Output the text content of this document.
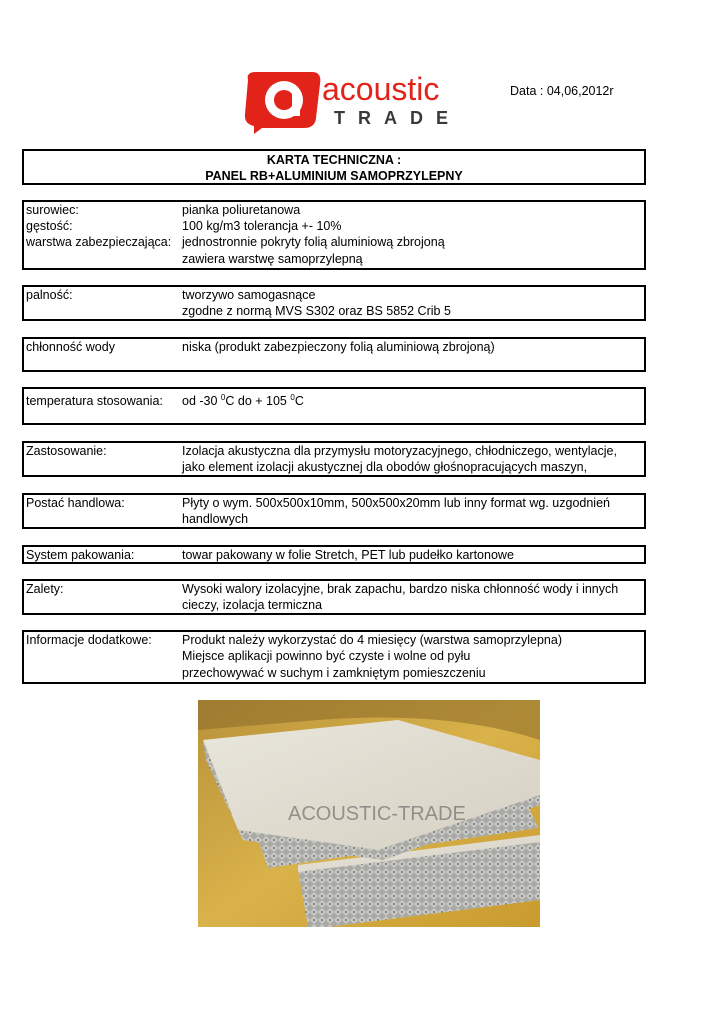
acoustic
TRADE
Data : 04,06,2012r
KARTA TECHNICZNA :
PANEL RB+ALUMINIUM SAMOPRZYLEPNY
surowiec:	pianka poliuretanowa
gęstość:	100 kg/m3 tolerancja +- 10%
warstwa zabezpieczająca: jednostronnie pokryty folią aluminiową zbrojoną
zawiera warstwę samoprzylepną
palność:	tworzywo samogasnące
zgodne z normą MVS S302 oraz BS 5852 Crib 5
chłonność wody	niska (produkt zabezpieczony folią aluminiową zbrojoną)
temperatura stosowania: od -30 $^0$C do + 105 $^0$C
Zastosowanie:	Izolacja akustyczna dla przymysłu motoryzacyjnego, chłodniczego, wentylacje,
jako element izolacji akustycznej dla obodów głośnopracujących maszyn,
Postać handlowa:	Płyty o wym. 500x500x10mm, 500x500x20mm lub inny format wg. uzgodnień
handlowych
System pakowania:	towar pakowany w folie Stretch, PET lub pudełko kartonowe
Zalety:	Wysoki walory izolacyjne, brak zapachu, bardzo niska chłonność wody i innych
cieczy, izolacja termiczna
Informacje dodatkowe: Produkt należy wykorzystać do 4 miesięcy (warstwa samoprzylepna)
Miejsce aplikacji powinno być czyste i wolne od pyłu
przechowywać w suchym i zamkniętym pomieszczeniu
ACOUSTIC-TRADE
